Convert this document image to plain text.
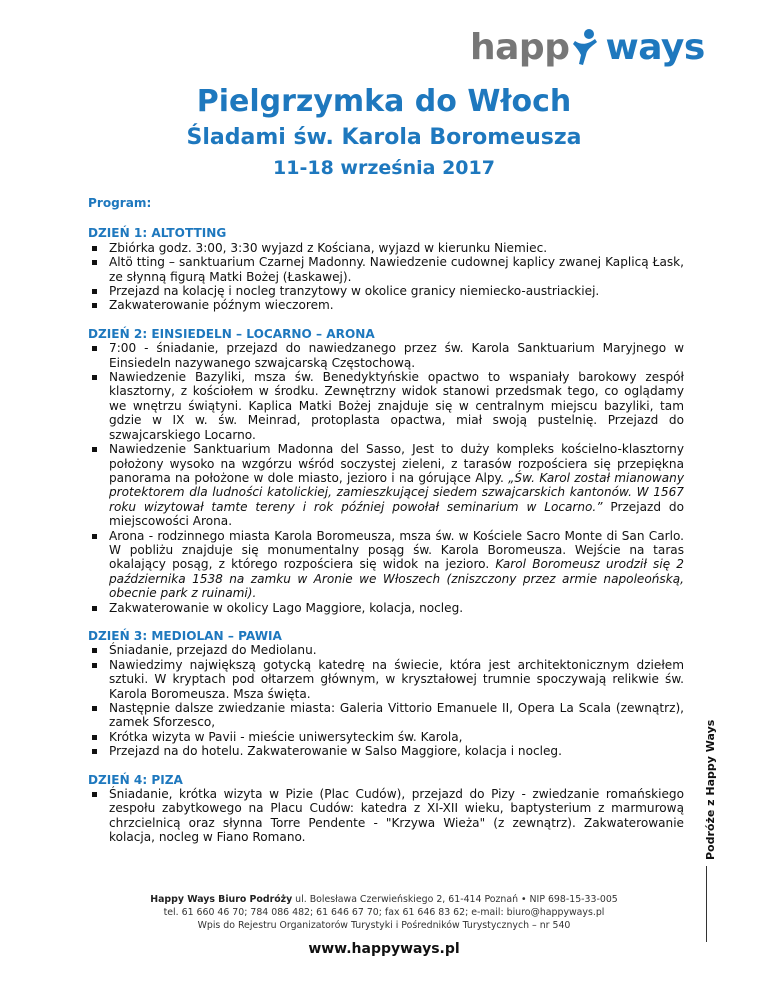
happ ways
Pielgrzymka do Włoch
Śladami św. Karola Boromeusza
11-18 września 2017

Program:

DZIEŃ 1: ALTOTTING

Zbiórka godz. 3:00, 3:30 wyjazd z Kościana, wyjazd w kierunku Niemiec.
Altö tting – sanktuarium Czarnej Madonny. Nawiedzenie cudownej kaplicy zwanej Kaplicą Łask, ze słynną figurą Matki Bożej (Łaskawej).
Przejazd na kolację i nocleg tranzytowy w okolice granicy niemiecko-austriackiej.
Zakwaterowanie późnym wieczorem.

DZIEŃ 2: EINSIEDELN – LOCARNO – ARONA

7:00 - śniadanie, przejazd do nawiedzanego przez św. Karola Sanktuarium Maryjnego w Einsiedeln nazywanego szwajcarską Częstochową.
Nawiedzenie Bazyliki, msza św. Benedyktyńskie opactwo to wspaniały barokowy zespół klasztorny, z kościołem w środku. Zewnętrzny widok stanowi przedsmak tego, co oglądamy we wnętrzu świątyni. Kaplica Matki Bożej znajduje się w centralnym miejscu bazyliki, tam gdzie w IX w. św. Meinrad, protoplasta opactwa, miał swoją pustelnię. Przejazd do szwajcarskiego Locarno.
Nawiedzenie Sanktuarium Madonna del Sasso, Jest to duży kompleks kościelno-klasztorny położony wysoko na wzgórzu wśród soczystej zieleni, z tarasów rozpościera się przepiękna panorama na położone w dole miasto, jezioro i na górujące Alpy. „Św. Karol został mianowany protektorem dla ludności katolickiej, zamieszkującej siedem szwajcarskich kantonów. W 1567 roku wizytował tamte tereny i rok później powołał seminarium w Locarno.” Przejazd do miejscowości Arona.
Arona - rodzinnego miasta Karola Boromeusza, msza św. w Kościele Sacro Monte di San Carlo. W pobliżu znajduje się monumentalny posąg św. Karola Boromeusza. Wejście na taras okalający posąg, z którego rozpościera się widok na jezioro. Karol Boromeusz urodził się 2 października 1538 na zamku w Aronie we Włoszech (zniszczony przez armie napoleońską, obecnie park z ruinami).
Zakwaterowanie w okolicy Lago Maggiore, kolacja, nocleg.

DZIEŃ 3: MEDIOLAN – PAWIA

Śniadanie, przejazd do Mediolanu.
Nawiedzimy największą gotycką katedrę na świecie, która jest architektonicznym dziełem sztuki. W kryptach pod ołtarzem głównym, w kryształowej trumnie spoczywają relikwie św. Karola Boromeusza. Msza święta.
Następnie dalsze zwiedzanie miasta: Galeria Vittorio Emanuele II, Opera La Scala (zewnątrz), zamek Sforzesco,
Krótka wizyta w Pavii - mieście uniwersyteckim św. Karola,
Przejazd na do hotelu. Zakwaterowanie w Salso Maggiore, kolacja i nocleg.

DZIEŃ 4: PIZA

Śniadanie, krótka wizyta w Pizie (Plac Cudów), przejazd do Pizy - zwiedzanie romańskiego zespołu zabytkowego na Placu Cudów: katedra z XI-XII wieku, baptysterium z marmurową chrzcielnicą oraz słynna Torre Pendente - "Krzywa Wieża" (z zewnątrz). Zakwaterowanie kolacja, nocleg w Fiano Romano.	Podróże z Happy Ways

Happy Ways Biuro Podróży ul. Bolesława Czerwieńskiego 2, 61-414 Poznań • NIP 698-15-33-005

tel. 61 660 46 70; 784 086 482; 61 646 67 70; fax 61 646 83 62; e-mail: biuro@happyways.pl

Wpis do Rejestru Organizatorów Turystyki i Pośredników Turystycznych – nr 540

www.happyways.pl
